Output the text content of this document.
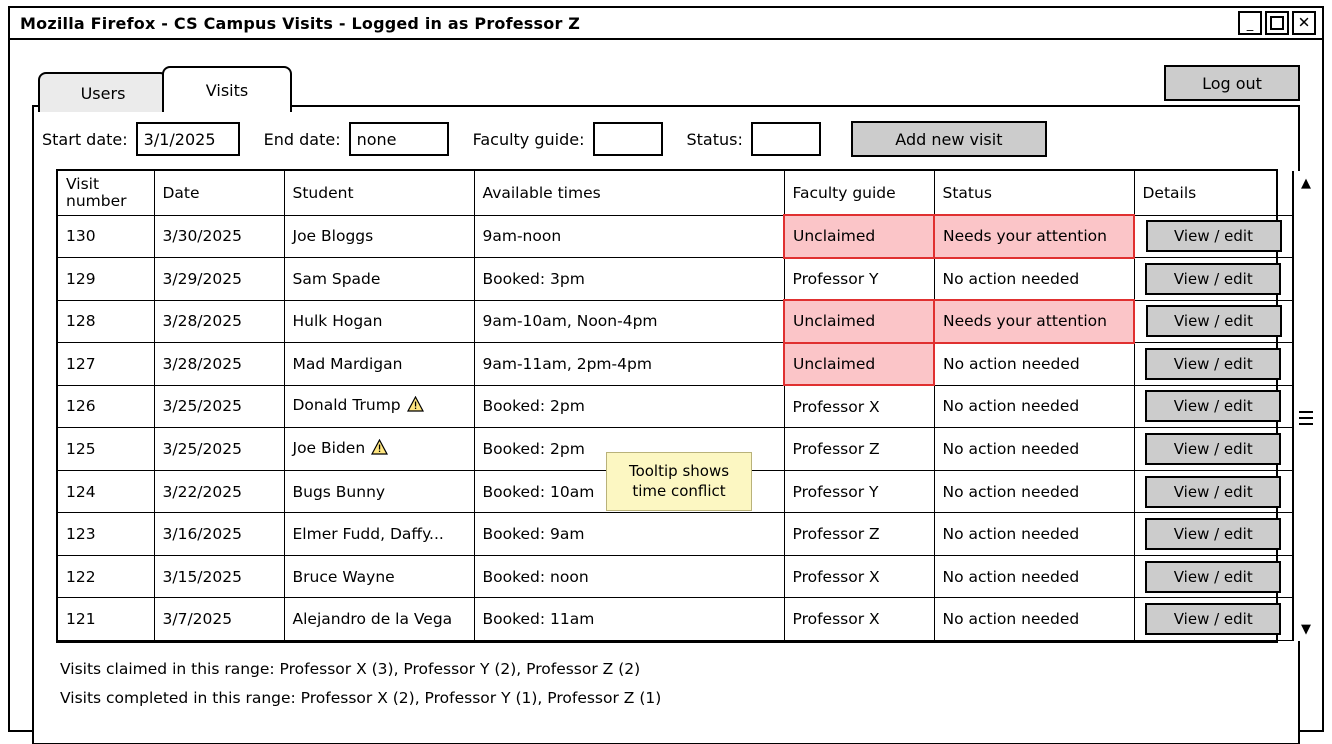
Mozilla Firefox - CS Campus Visits - Logged in as Professor Z	_	✕
Users	Visits	Log out
Start date:	3/1/2025	End date:	none	Faculty guide:	Status:	Add new visit
Visit number	Date	Student	Available times	Faculty guide	Status	Details
130	3/30/2025	Joe Bloggs	9am-noon	Unclaimed	Needs your attention	View / edit

129	3/29/2025	Sam Spade	Booked: 3pm	Professor Y	No action needed	View / edit

128	3/28/2025	Hulk Hogan	9am-10am, Noon-4pm	Unclaimed	Needs your attention	View / edit

127	3/28/2025	Mad Mardigan	9am-11am, 2pm-4pm	Unclaimed	No action needed	View / edit

126	3/25/2025	Donald Trump	Booked: 2pm	Professor X	No action needed	View / edit

125	3/25/2025	Joe Biden	Booked: 2pm	Professor Z	No action needed	View / edit

124	3/22/2025	Bugs Bunny	Booked: 10am	Professor Y	No action needed	View / edit

123	3/16/2025	Elmer Fudd, Daffy...	Booked: 9am	Professor Z	No action needed	View / edit

122	3/15/2025	Bruce Wayne	Booked: noon	Professor X	No action needed	View / edit

121	3/7/2025	Alejandro de la Vega	Booked: 11am	Professor X	No action needed	View / edit
▲
▼
Tooltip shows time conflict
Visits claimed in this range: Professor X (3), Professor Y (2), Professor Z (2)
Visits completed in this range: Professor X (2), Professor Y (1), Professor Z (1)
